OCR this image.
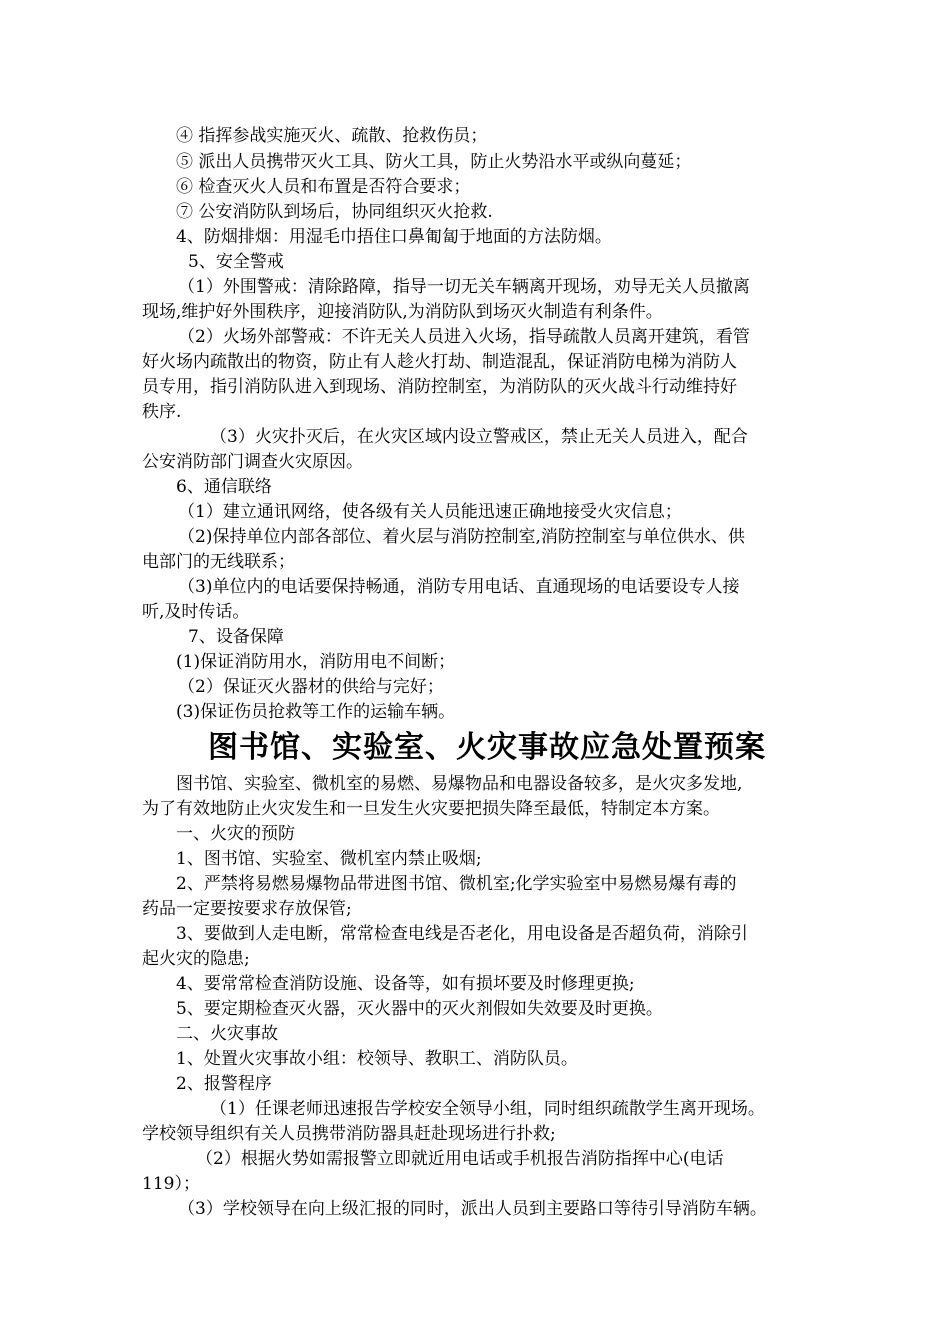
④ 指挥参战实施灭火、疏散、抢救伤员；
⑤ 派出人员携带灭火工具、防火工具，防止火势沿水平或纵向蔓延；
⑥ 检查灭火人员和布置是否符合要求；
⑦ 公安消防队到场后，协同组织灭火抢救.
4、防烟排烟：用湿毛巾捂住口鼻匍匐于地面的方法防烟。
5、安全警戒
（1）外围警戒：清除路障，指导一切无关车辆离开现场，劝导无关人员撤离
现场,维护好外围秩序，迎接消防队,为消防队到场灭火制造有利条件。
（2）火场外部警戒：不许无关人员进入火场，指导疏散人员离开建筑，看管
好火场内疏散出的物资，防止有人趁火打劫、制造混乱，保证消防电梯为消防人
员专用，指引消防队进入到现场、消防控制室，为消防队的灭火战斗行动维持好
秩序.
（3）火灾扑灭后，在火灾区域内设立警戒区，禁止无关人员进入，配合
公安消防部门调查火灾原因。
6、通信联络
（1）建立通讯网络，使各级有关人员能迅速正确地接受火灾信息；
（2)保持单位内部各部位、着火层与消防控制室,消防控制室与单位供水、供
电部门的无线联系；
（3)单位内的电话要保持畅通，消防专用电话、直通现场的电话要设专人接
听,及时传话。
7、设备保障
(1)保证消防用水，消防用电不间断；
（2）保证灭火器材的供给与完好；
(3)保证伤员抢救等工作的运输车辆。
图书馆、实验室、火灾事故应急处置预案
图书馆、实验室、微机室的易燃、易爆物品和电器设备较多，是火灾多发地,
为了有效地防止火灾发生和一旦发生火灾要把损失降至最低，特制定本方案。
一、火灾的预防
1、图书馆、实验室、微机室内禁止吸烟;
2、严禁将易燃易爆物品带进图书馆、微机室;化学实验室中易燃易爆有毒的
药品一定要按要求存放保管;
3、要做到人走电断，常常检查电线是否老化，用电设备是否超负荷，消除引
起火灾的隐患;
4、要常常检查消防设施、设备等，如有损坏要及时修理更换;
5、要定期检查灭火器，灭火器中的灭火剂假如失效要及时更换。
二、火灾事故
1、处置火灾事故小组：校领导、教职工、消防队员。
2、报警程序
（1）任课老师迅速报告学校安全领导小组，同时组织疏散学生离开现场。
学校领导组织有关人员携带消防器具赶赴现场进行扑救;
（2）根据火势如需报警立即就近用电话或手机报告消防指挥中心(电话
119）；
（3）学校领导在向上级汇报的同时，派出人员到主要路口等待引导消防车辆。
